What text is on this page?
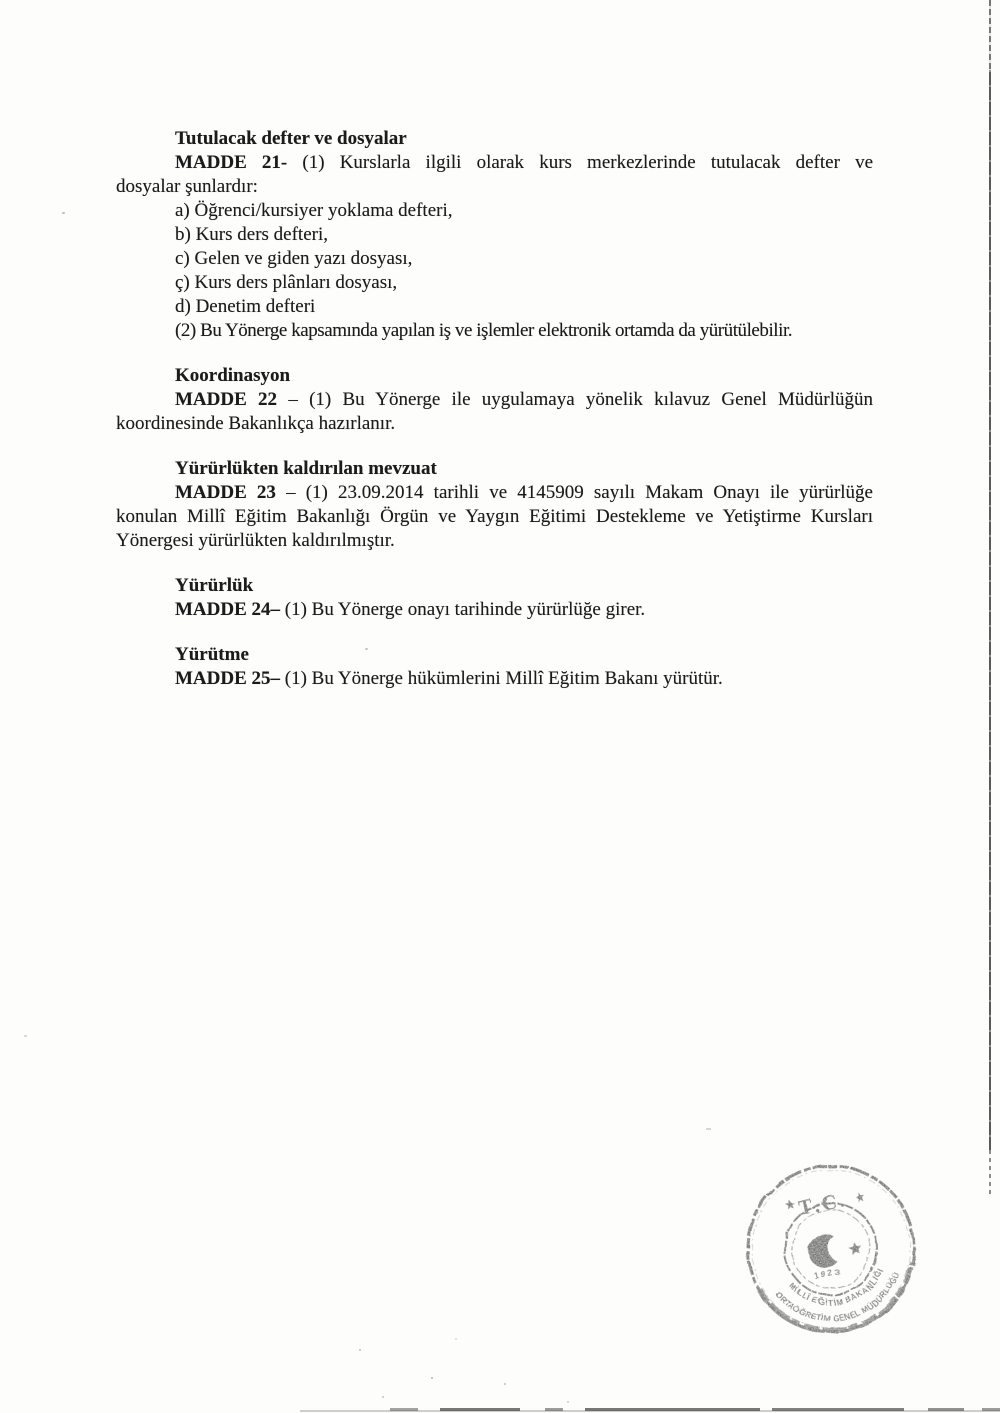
Tutulacak defter ve dosyalar
MADDE 21- (1) Kurslarla ilgili olarak kurs merkezlerinde tutulacak defter ve
dosyalar şunlardır:
a) Öğrenci/kursiyer yoklama defteri,
b) Kurs ders defteri,
c) Gelen ve giden yazı dosyası,
ç) Kurs ders plânları dosyası,
d) Denetim defteri
(2) Bu Yönerge kapsamında yapılan iş ve işlemler elektronik ortamda da yürütülebilir.
Koordinasyon
MADDE 22 – (1) Bu Yönerge ile uygulamaya yönelik kılavuz Genel Müdürlüğün
koordinesinde Bakanlıkça hazırlanır.
Yürürlükten kaldırılan mevzuat
MADDE 23 – (1) 23.09.2014 tarihli ve 4145909 sayılı Makam Onayı ile yürürlüğe
konulan Millî Eğitim Bakanlığı Örgün ve Yaygın Eğitimi Destekleme ve Yetiştirme Kursları
Yönergesi yürürlükten kaldırılmıştır.
Yürürlük
MADDE 24– (1) Bu Yönerge onayı tarihinde yürürlüğe girer.
Yürütme
MADDE 25– (1) Bu Yönerge hükümlerini Millî Eğitim Bakanı yürütür.
T.C.
1923
MİLLÎ EĞİTİM BAKANLIĞI
ORTAÖĞRETİM GENEL MÜDÜRLÜĞÜ
